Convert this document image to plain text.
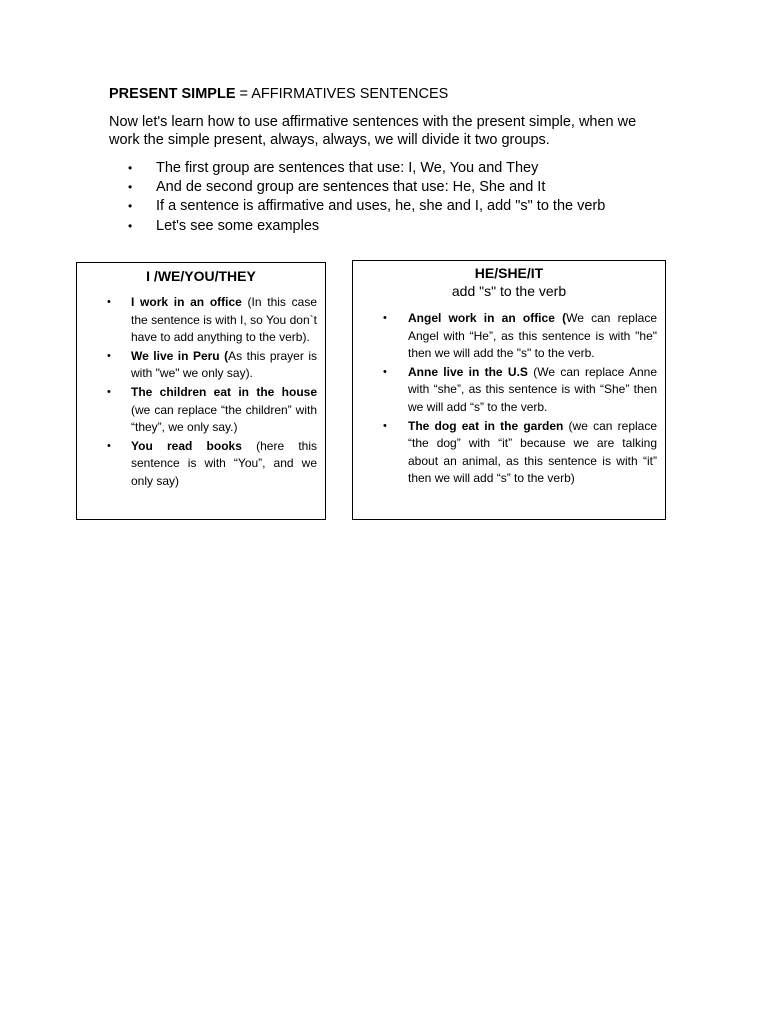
PRESENT SIMPLE = AFFIRMATIVES SENTENCES
Now let's learn how to use affirmative sentences with the present simple, when we work the simple present, always, always, we will divide it two groups.
• The first group are sentences that use: I, We, You and They
• And de second group are sentences that use: He, She and It
• If a sentence is affirmative and uses, he, she and I, add "s" to the verb
• Let's see some examples
I /WE/YOU/THEY
• I work in an office (In this case the sentence is with I, so You don`t have to add anything to the verb).
• We live in Peru (As this prayer is with "we" we only say).
• The children eat in the house (we can replace “the children” with “they”, we only say.)
• You read books (here this sentence is with “You”, and we only say)
HE/SHE/IT
add "s" to the verb
• Angel work in an office (We can replace Angel with “He”, as this sentence is with "he" then we will add the "s" to the verb.
• Anne live in the U.S (We can replace Anne with “she”, as this sentence is with “She” then we will add “s” to the verb.
• The dog eat in the garden (we can replace “the dog” with “it” because we are talking about an animal, as this sentence is with “it” then we will add “s” to the verb)
